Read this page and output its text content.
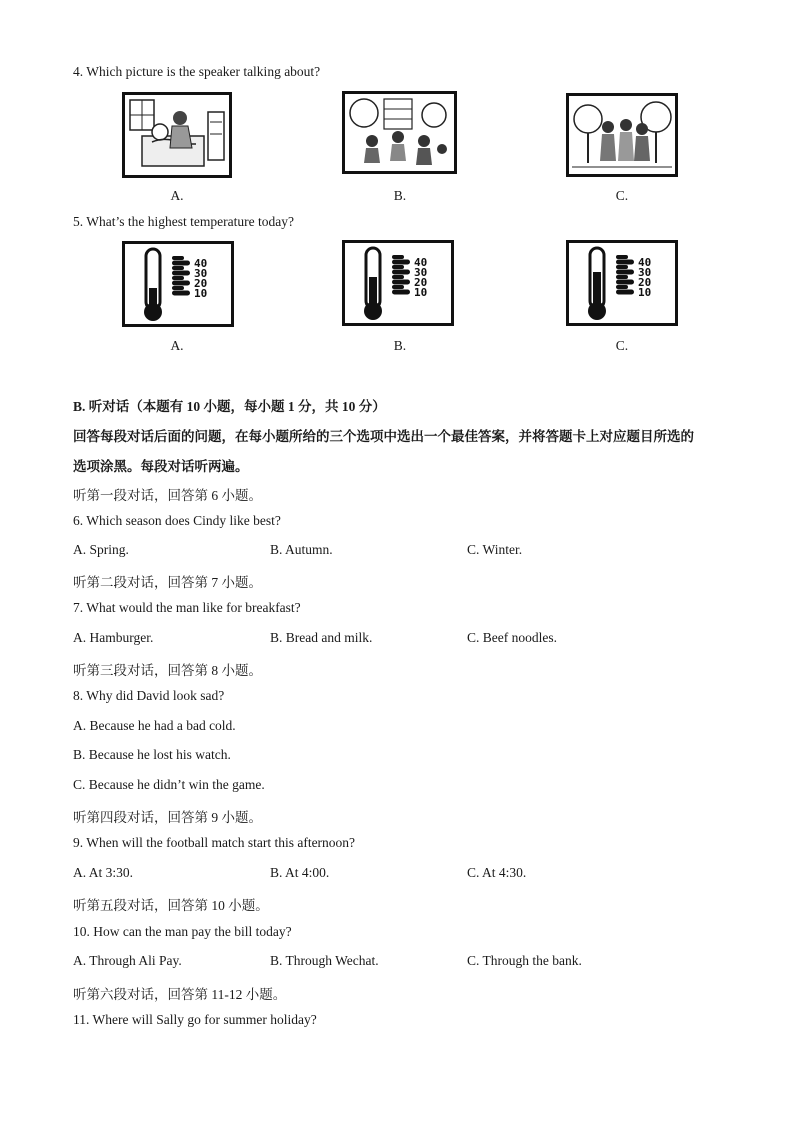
4. Which picture is the speaker talking about?
A.	B.	C.
5. What’s the highest temperature today?
40
30
20
10
40
30
20
10
40
30
20
10
A.	B.	C.
B. 听对话（本题有 10 小题，每小题 1 分，共 10 分）
回答每段对话后面的问题，在每小题所给的三个选项中选出一个最佳答案，并将答题卡上对应题目所选的
选项涂黑。每段对话听两遍。
听第一段对话，回答第 6 小题。
6. Which season does Cindy like best?
A. Spring.	B. Autumn.	C. Winter.
听第二段对话，回答第 7 小题。
7. What would the man like for breakfast?
A. Hamburger.	B. Bread and milk.	C. Beef noodles.
听第三段对话，回答第 8 小题。
8. Why did David look sad?
A. Because he had a bad cold.
B. Because he lost his watch.
C. Because he didn’t win the game.
听第四段对话，回答第 9 小题。
9. When will the football match start this afternoon?
A. At 3:30.	B. At 4:00.	C. At 4:30.
听第五段对话，回答第 10 小题。
10. How can the man pay the bill today?
A. Through Ali Pay.	B. Through Wechat.	C. Through the bank.
听第六段对话，回答第 11-12 小题。
11. Where will Sally go for summer holiday?
